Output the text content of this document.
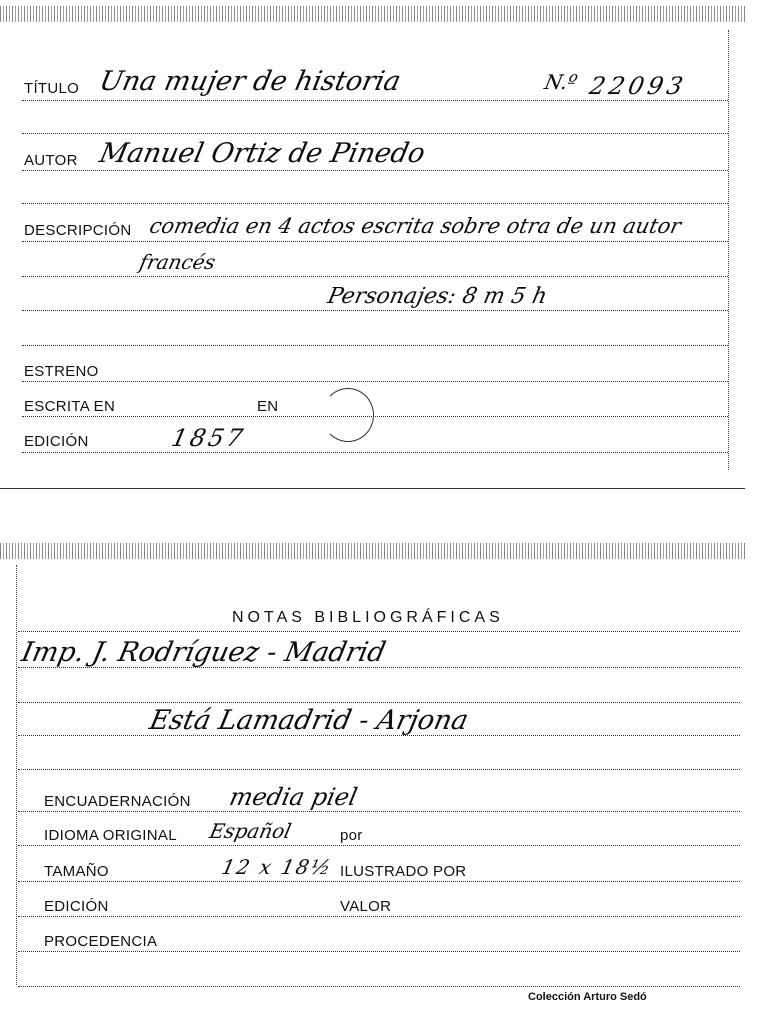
TÍTULO Una mujer de historia	N.º 22093
AUTOR Manuel Ortiz de Pinedo
DESCRIPCIÓN comedia en 4 actos escrita sobre otra de un autor
francés
Personajes: 8 m 5 h
ESTRENO
ESCRITA EN	EN
EDICIÓN	1857
NOTAS BIBLIOGRÁFICAS
Imp. J. Rodríguez - Madrid
Está Lamadrid - Arjona
ENCUADERNACIÓN media piel
IDIOMA ORIGINAL Español	por
TAMAÑO	12 x 18½ ILUSTRADO POR
EDICIÓN	VALOR
PROCEDENCIA
Colección Arturo Sedó
